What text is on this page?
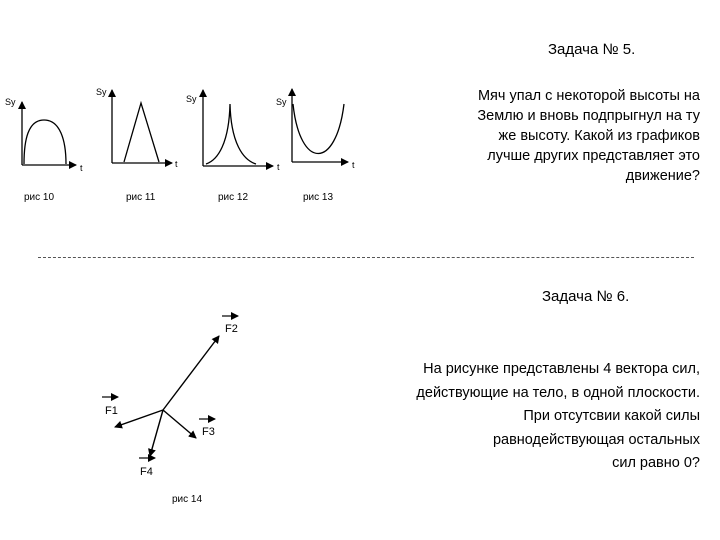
Задача № 5.
Мяч упал с некоторой высоты на
Землю и вновь подпрыгнул на ту
же высоту. Какой из графиков
лучше других представляет это
движение?
Sy
t
Sy
t
Sy
t
Sy
t
рис 10	рис 11	рис 12	рис 13
Задача № 6.
На рисунке представлены 4 вектора сил,
действующие на тело, в одной плоскости.
При отсутсвии какой силы
равнодействующая остальных
сил равно 0?
F1
F2
F3
F4
рис 14
